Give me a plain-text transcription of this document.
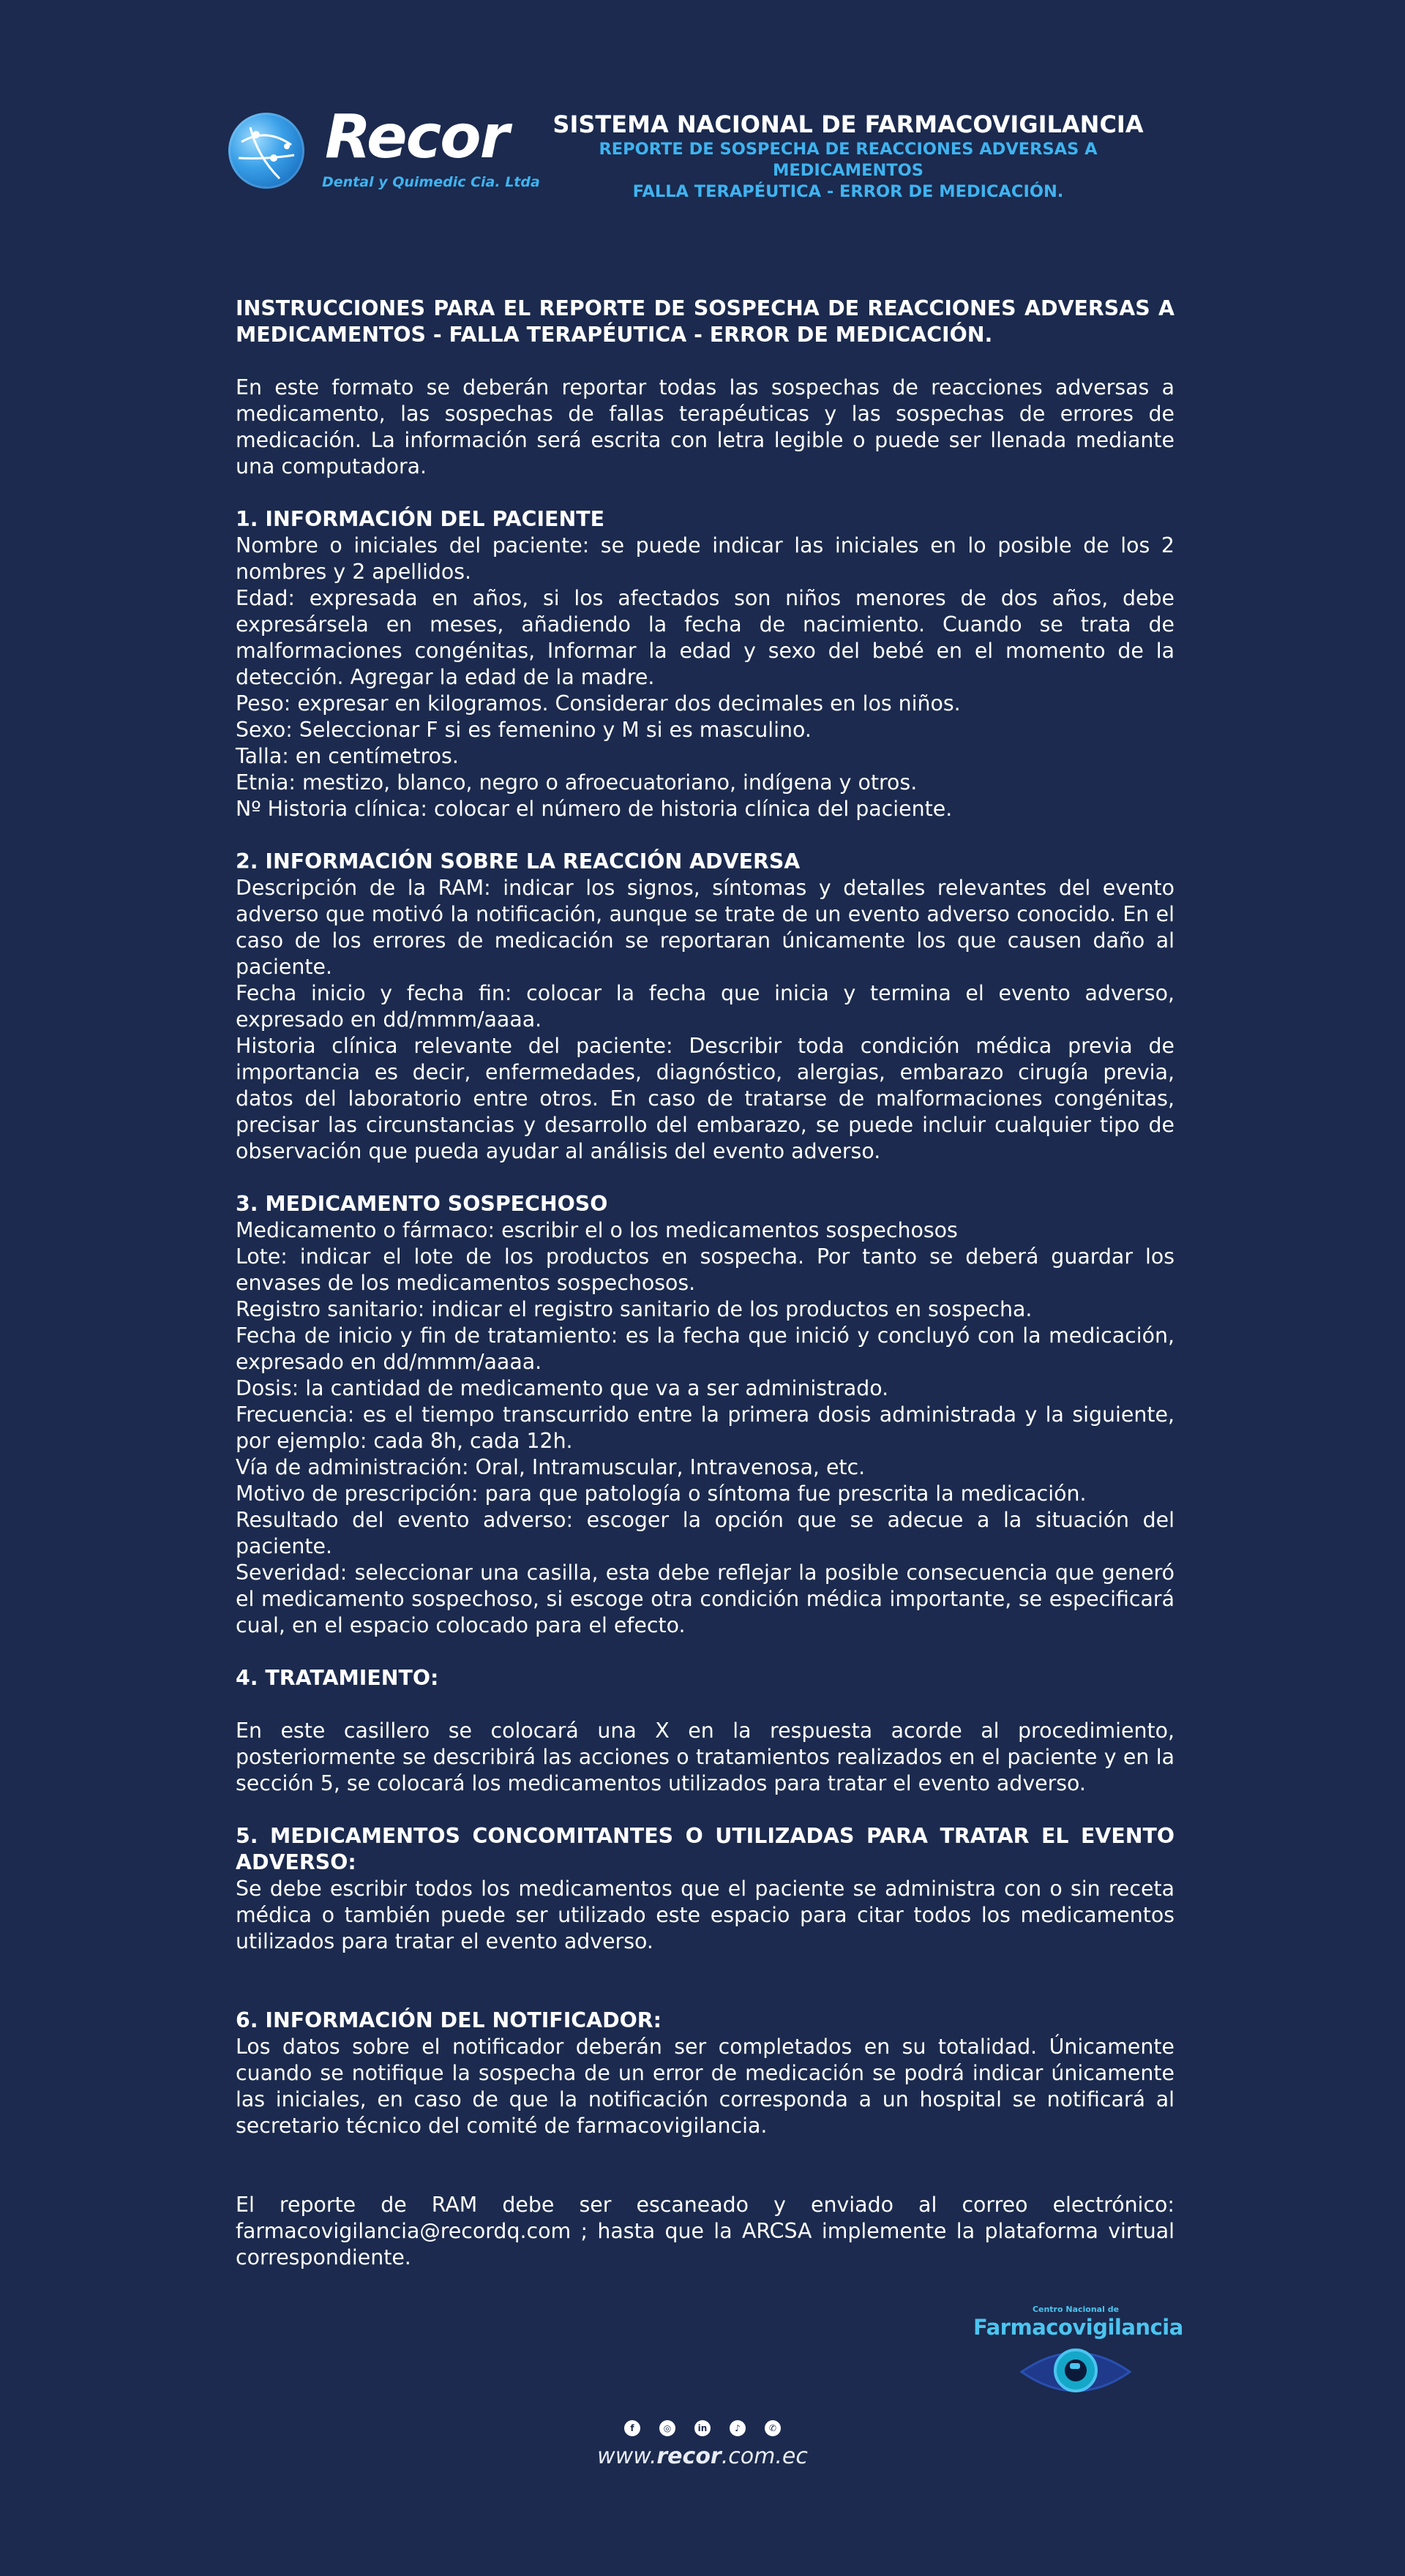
Recor
Dental y Quimedic Cia. Ltda
SISTEMA NACIONAL DE FARMACOVIGILANCIA
REPORTE DE SOSPECHA DE REACCIONES ADVERSAS A MEDICAMENTOS
FALLA TERAPÉUTICA - ERROR DE MEDICACIÓN.

INSTRUCCIONES PARA EL REPORTE DE SOSPECHA DE REACCIONES ADVERSAS A MEDICAMENTOS - FALLA TERAPÉUTICA - ERROR DE MEDICACIÓN.

En este formato se deberán reportar todas las sospechas de reacciones adversas a medicamento, las sospechas de fallas terapéuticas y las sospechas de errores de medicación. La información será escrita con letra legible o puede ser llenada mediante una computadora.

1. INFORMACIÓN DEL PACIENTE

Nombre o iniciales del paciente: se puede indicar las iniciales en lo posible de los 2 nombres y 2 apellidos.

Edad: expresada en años, si los afectados son niños menores de dos años, debe expresársela en meses, añadiendo la fecha de nacimiento. Cuando se trata de malformaciones congénitas, Informar la edad y sexo del bebé en el momento de la detección. Agregar la edad de la madre.

Peso: expresar en kilogramos. Considerar dos decimales en los niños.

Sexo: Seleccionar F si es femenino y M si es masculino.

Talla: en centímetros.

Etnia: mestizo, blanco, negro o afroecuatoriano, indígena y otros.

Nº Historia clínica: colocar el número de historia clínica del paciente.

2. INFORMACIÓN SOBRE LA REACCIÓN ADVERSA

Descripción de la RAM: indicar los signos, síntomas y detalles relevantes del evento adverso que motivó la notificación, aunque se trate de un evento adverso conocido. En el caso de los errores de medicación se reportaran únicamente los que causen daño al paciente.

Fecha inicio y fecha fin: colocar la fecha que inicia y termina el evento adverso, expresado en dd/mmm/aaaa.

Historia clínica relevante del paciente: Describir toda condición médica previa de importancia es decir, enfermedades, diagnóstico, alergias, embarazo cirugía previa, datos del laboratorio entre otros. En caso de tratarse de malformaciones congénitas, precisar las circunstancias y desarrollo del embarazo, se puede incluir cualquier tipo de observación que pueda ayudar al análisis del evento adverso.

3. MEDICAMENTO SOSPECHOSO

Medicamento o fármaco: escribir el o los medicamentos sospechosos

Lote: indicar el lote de los productos en sospecha. Por tanto se deberá guardar los envases de los medicamentos sospechosos.

Registro sanitario: indicar el registro sanitario de los productos en sospecha.

Fecha de inicio y fin de tratamiento: es la fecha que inició y concluyó con la medicación, expresado en dd/mmm/aaaa.

Dosis: la cantidad de medicamento que va a ser administrado.

Frecuencia: es el tiempo transcurrido entre la primera dosis administrada y la siguiente, por ejemplo: cada 8h, cada 12h.

Vía de administración: Oral, Intramuscular, Intravenosa, etc.

Motivo de prescripción: para que patología o síntoma fue prescrita la medicación.

Resultado del evento adverso: escoger la opción que se adecue a la situación del paciente.

Severidad: seleccionar una casilla, esta debe reflejar la posible consecuencia que generó el medicamento sospechoso, si escoge otra condición médica importante, se especificará cual, en el espacio colocado para el efecto.

4. TRATAMIENTO:

En este casillero se colocará una X en la respuesta acorde al procedimiento, posteriormente se describirá las acciones o tratamientos realizados en el paciente y en la sección 5, se colocará los medicamentos utilizados para tratar el evento adverso.

5. MEDICAMENTOS CONCOMITANTES O UTILIZADAS PARA TRATAR EL EVENTO ADVERSO:

Se debe escribir todos los medicamentos que el paciente se administra con o sin receta médica o también puede ser utilizado este espacio para citar todos los medicamentos utilizados para tratar el evento adverso.

6. INFORMACIÓN DEL NOTIFICADOR:

Los datos sobre el notificador deberán ser completados en su totalidad. Únicamente cuando se notifique la sospecha de un error de medicación se podrá indicar únicamente las iniciales, en caso de que la notificación corresponda a un hospital se notificará al secretario técnico del comité de farmacovigilancia.

El reporte de RAM debe ser escaneado y enviado al correo electrónico: farmacovigilancia@recordq.com ; hasta que la ARCSA implemente la plataforma virtual correspondiente.

Centro Nacional de
Farmacovigilancia
f	◎	in	♪	✆
www.recor.com.ec
